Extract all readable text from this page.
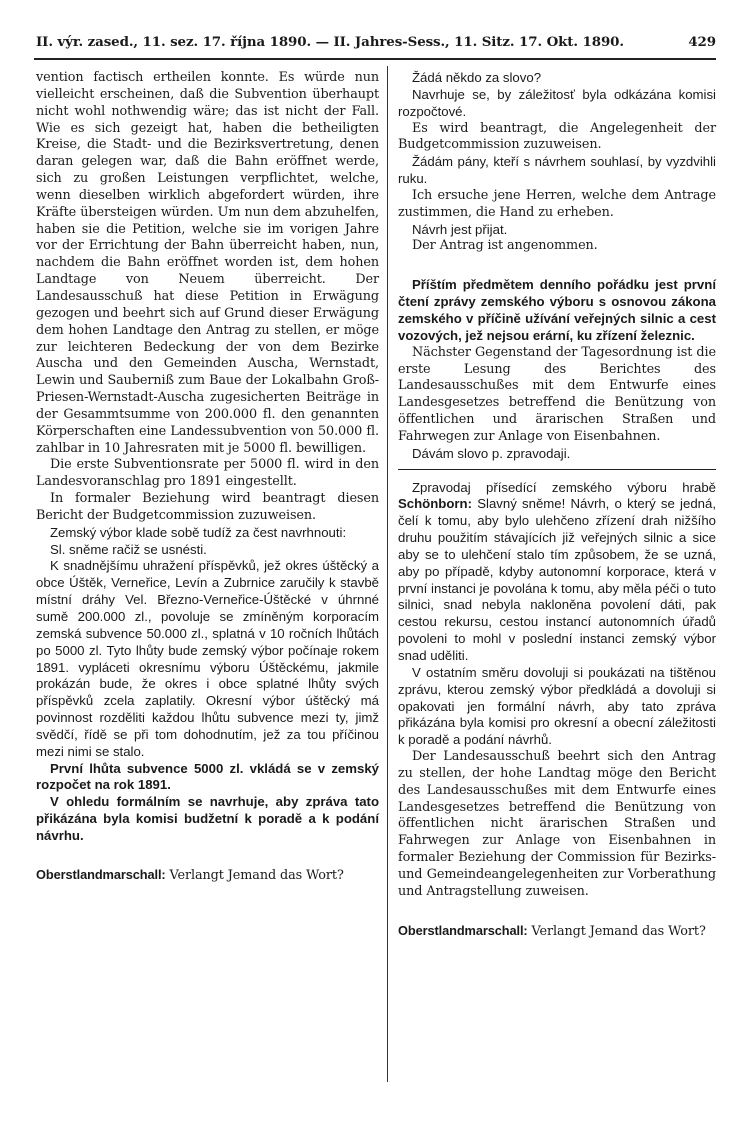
II. výr. zased., 11. sez. 17. října 1890. — II. Jahres-Sess., 11. Sitz. 17. Okt. 1890.	429

vention factisch ertheilen konnte. Es würde nun vielleicht erscheinen, daß die Subvention überhaupt nicht wohl nothwendig wäre; das ist nicht der Fall. Wie es sich gezeigt hat, haben die betheiligten Kreise, die Stadt- und die Bezirksvertretung, denen daran gelegen war, daß die Bahn eröffnet werde, sich zu großen Leistungen verpflichtet, welche, wenn dieselben wirklich abgefordert würden, ihre Kräfte übersteigen würden. Um nun dem abzuhelfen, haben sie die Petition, welche sie im vorigen Jahre vor der Errichtung der Bahn überreicht haben, nun, nachdem die Bahn eröffnet worden ist, dem hohen Landtage von Neuem überreicht. Der Landesausschuß hat diese Petition in Erwägung gezogen und beehrt sich auf Grund dieser Erwägung dem hohen Landtage den Antrag zu stellen, er möge zur leichteren Bedeckung der von dem Bezirke Auscha und den Gemeinden Auscha, Wernstadt, Lewin und Sauberniß zum Baue der Lokalbahn Groß-Priesen-Wernstadt-Auscha zugesicherten Beiträge in der Gesammtsumme von 200.000 fl. den genannten Körperschaften eine Landessubvention von 50.000 fl. zahlbar in 10 Jahresraten mit je 5000 fl. bewilligen.

Die erste Subventionsrate per 5000 fl. wird in den Landesvoranschlag pro 1891 eingestellt.

In formaler Beziehung wird beantragt diesen Bericht der Budgetcommission zuzuweisen.

Zemský výbor klade sobě tudíž za čest navrhnouti:

Sl. sněme račiž se usnésti.

K snadnějšímu uhražení příspěvků, jež okres úštěcký a obce Úštěk, Verneřice, Levín a Zubrnice zaručily k stavbě místní dráhy Vel. Březno-Verneřice-Úštěcké v úhrnné sumě 200.000 zl., povoluje se zmíněným korporacím zemská subvence 50.000 zl., splatná v 10 ročních lhůtách po 5000 zl. Tyto lhůty bude zemský výbor počínaje rokem 1891. vypláceti okresnímu výboru Úštěckému, jakmile prokázán bude, že okres i obce splatné lhůty svých příspěvků zcela zaplatily. Okresní výbor úštěcký má povinnost rozděliti každou lhůtu subvence mezi ty, jimž svědčí, řídě se při tom dohodnutím, jež za tou příčinou mezi nimi se stalo.

První lhůta subvence 5000 zl. vkládá se v zemský rozpočet na rok 1891.

V ohledu formálním se navrhuje, aby zpráva tato přikázána byla komisi budžetní k poradě a k podání návrhu.

Oberstlandmarschall: Verlangt Jemand das Wort?

Žádá někdo za slovo?

Navrhuje se, by záležitosť byla odkázána komisi rozpočtové.

Es wird beantragt, die Angelegenheit der Budgetcommission zuzuweisen.

Žádám pány, kteří s návrhem souhlasí, by vyzdvihli ruku.

Ich ersuche jene Herren, welche dem Antrage zustimmen, die Hand zu erheben.

Návrh jest přijat.

Der Antrag ist angenommen.

Příštím předmětem denního pořádku jest první čtení zprávy zemského výboru s osnovou zákona zemského v příčině užívání veřejných silnic a cest vozových, jež nejsou erární, ku zřízení železnic.

Nächster Gegenstand der Tagesordnung ist die erste Lesung des Berichtes des Landesausschußes mit dem Entwurfe eines Landesgesetzes betreffend die Benützung von öffentlichen und ärarischen Straßen und Fahrwegen zur Anlage von Eisenbahnen.

Dávám slovo p. zpravodaji.

Zpravodaj přísedící zemského výboru hrabě Schönborn: Slavný sněme! Návrh, o který se jedná, čelí k tomu, aby bylo ulehčeno zřízení drah nižšího druhu použitím stávajících již veřejných silnic a sice aby se to ulehčení stalo tím způsobem, že se uzná, aby po případě, kdyby autonomní korporace, která v první instanci je povolána k tomu, aby měla péči o tuto silnici, snad nebyla nakloněna povolení dáti, pak cestou rekursu, cestou instancí autonomních úřadů povoleni to mohl v poslední instanci zemský výbor snad uděliti.

V ostatním směru dovoluji si poukázati na tištěnou zprávu, kterou zemský výbor předkládá a dovoluji si opakovati jen formální návrh, aby tato zpráva přikázána byla komisi pro okresní a obecní záležitosti k poradě a podání návrhů.

Der Landesausschuß beehrt sich den Antrag zu stellen, der hohe Landtag möge den Bericht des Landesausschußes mit dem Entwurfe eines Landesgesetzes betreffend die Benützung von öffentlichen nicht ärarischen Straßen und Fahrwegen zur Anlage von Eisenbahnen in formaler Beziehung der Commission für Bezirks- und Gemeindeangelegenheiten zur Vorberathung und Antragstellung zuweisen.

Oberstlandmarschall: Verlangt Jemand das Wort?
